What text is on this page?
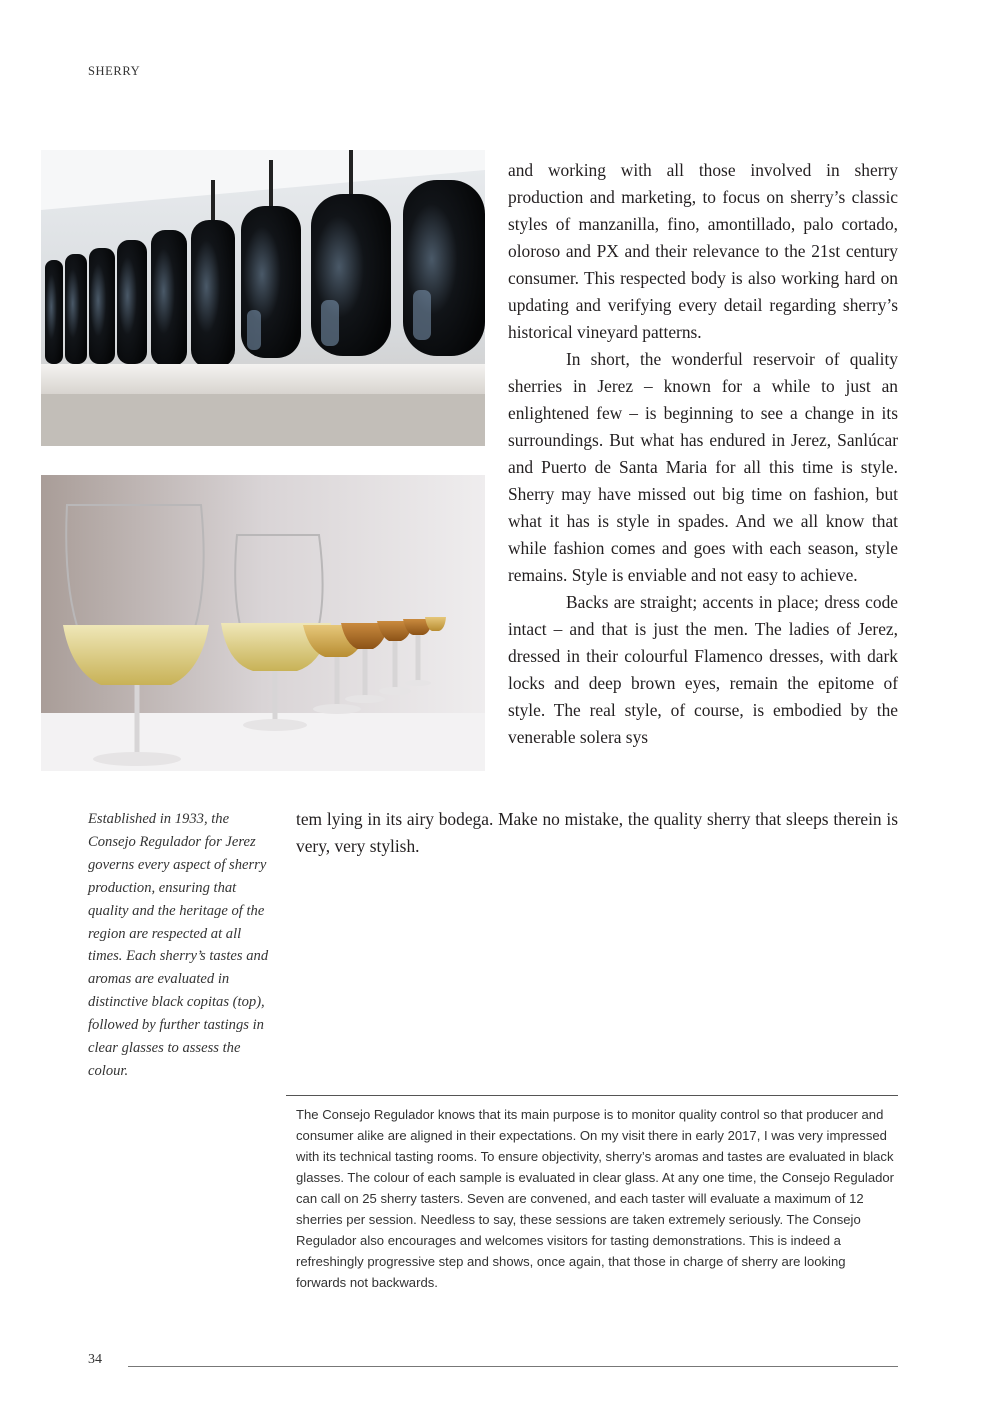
SHERRY

and working with all those involved in sherry production and marketing, to focus on sherry’s classic styles of manzanilla, fino, amontillado, palo cortado, oloroso and PX and their relevance to the 21st century consumer. This respected body is also working hard on updating and verifying every detail regarding sherry’s historical vineyard patterns.

In short, the wonderful reservoir of quality sherries in Jerez – known for a while to just an enlightened few – is beginning to see a change in its surroundings. But what has endured in Jerez, Sanlúcar and Puerto de Santa Maria for all this time is style. Sherry may have missed out big time on fashion, but what it has is style in spades. And we all know that while fashion comes and goes with each season, style remains. Style is enviable and not easy to achieve.

Backs are straight; accents in place; dress code intact – and that is just the men. The ladies of Jerez, dressed in their colourful Flamenco dresses, with dark locks and deep brown eyes, remain the epitome of style. The real style, of course, is embodied by the venerable solera sys

tem lying in its airy bodega. Make no mistake, the quality sherry that sleeps therein is very, very stylish.

Established in 1933, the Consejo Regulador for Jerez governs every aspect of sherry production, ensuring that quality and the heritage of the region are respected at all times. Each sherry’s tastes and aromas are evaluated in distinctive black copitas (top), followed by further tastings in clear glasses to assess the colour.

The Consejo Regulador knows that its main purpose is to monitor quality control so that producer and consumer alike are aligned in their expectations. On my visit there in early 2017, I was very impressed with its technical tasting rooms. To ensure objectivity, sherry’s aromas and tastes are evaluated in black glasses. The colour of each sample is evaluated in clear glass. At any one time, the Consejo Regulador can call on 25 sherry tasters. Seven are convened, and each taster will evaluate a maximum of 12 sherries per session. Needless to say, these sessions are taken extremely seriously. The Consejo Regulador also encourages and welcomes visitors for tasting demonstrations. This is indeed a refreshingly progressive step and shows, once again, that those in charge of sherry are looking forwards not backwards.

34
